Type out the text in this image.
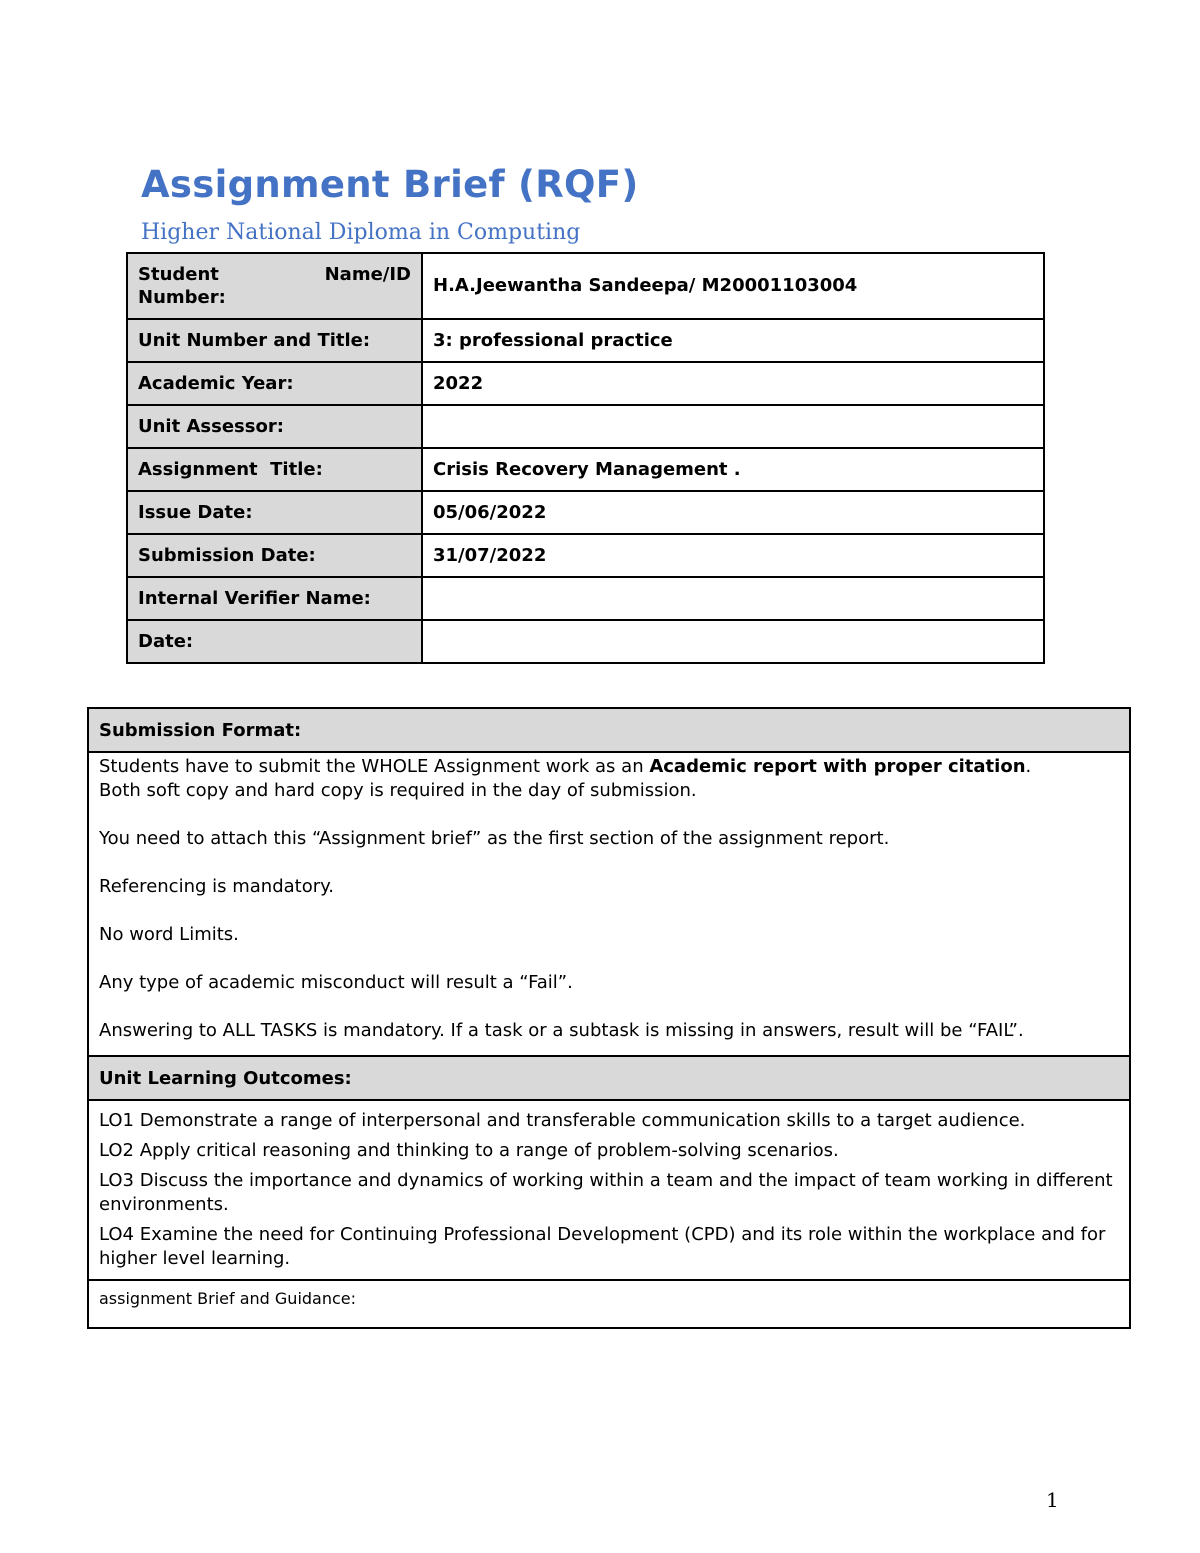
Assignment Brief (RQF)
Higher National Diploma in Computing
Student Name/ID
Number:	H.A.Jeewantha Sandeepa/ M20001103004
Unit Number and Title:	3: professional practice
Academic Year:	2022
Unit Assessor:	
Assignment  Title:	Crisis Recovery Management .
Issue Date:	05/06/2022
Submission Date:	31/07/2022
Internal Verifier Name:	
Date:	
Submission Format:

Students have to submit the WHOLE Assignment work as an Academic report with proper citation.
Both soft copy and hard copy is required in the day of submission.

You need to attach this “Assignment brief” as the first section of the assignment report.

Referencing is mandatory.

No word Limits.

Any type of academic misconduct will result a “Fail”.

Answering to ALL TASKS is mandatory. If a task or a subtask is missing in answers, result will be “FAIL”.

Unit Learning Outcomes:

LO1 Demonstrate a range of interpersonal and transferable communication skills to a target audience.

LO2 Apply critical reasoning and thinking to a range of problem-solving scenarios.

LO3 Discuss the importance and dynamics of working within a team and the impact of team working in different environments.

LO4 Examine the need for Continuing Professional Development (CPD) and its role within the workplace and for higher level learning.

assignment Brief and Guidance:
1
